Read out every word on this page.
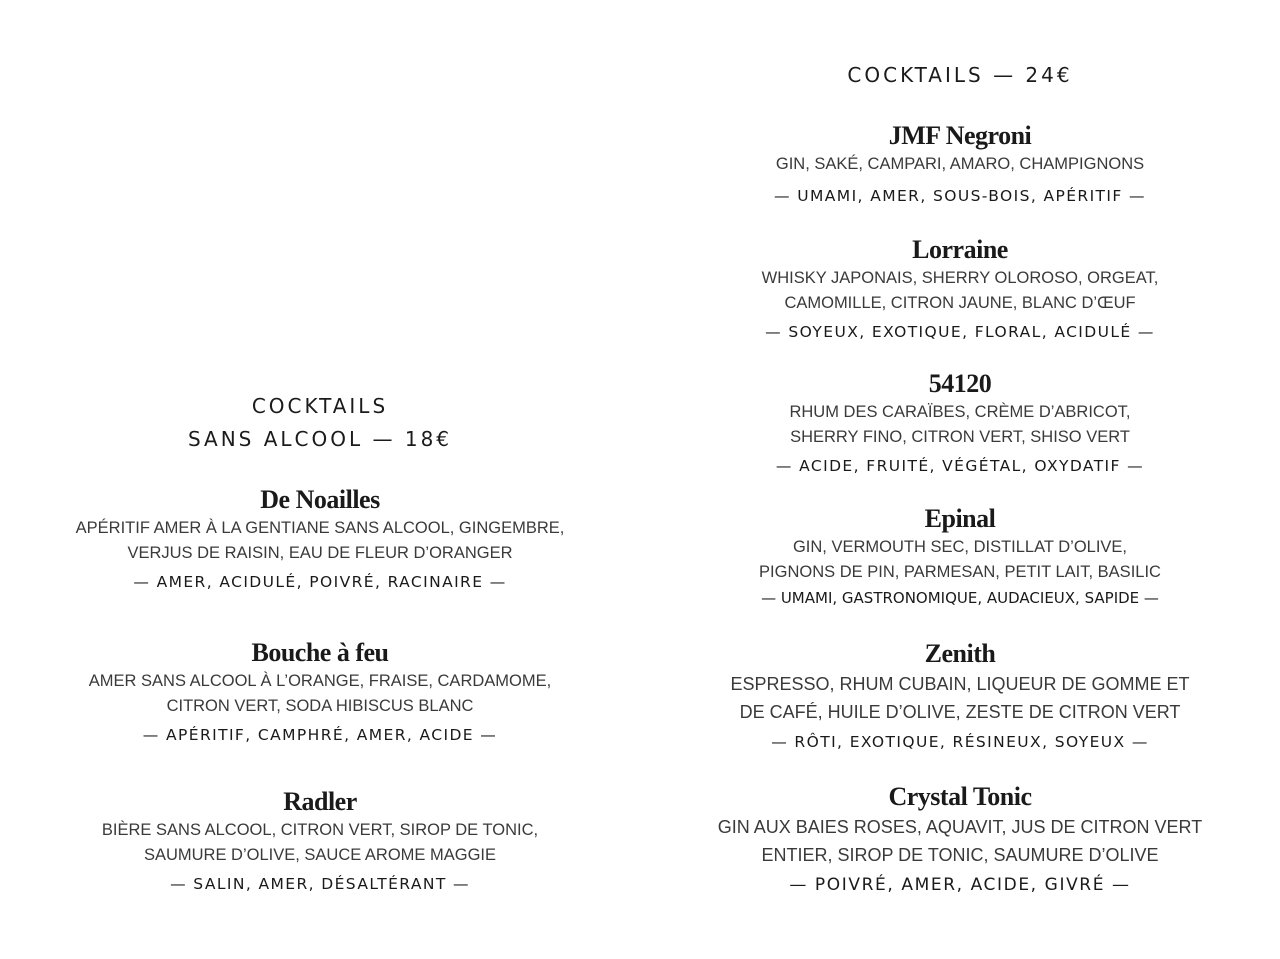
COCKTAILS
SANS ALCOOL — 18€
De Noailles
APÉRITIF AMER À LA GENTIANE SANS ALCOOL, GINGEMBRE,
VERJUS DE RAISIN, EAU DE FLEUR D’ORANGER
— AMER, ACIDULÉ, POIVRÉ, RACINAIRE —
Bouche à feu
AMER SANS ALCOOL À L’ORANGE, FRAISE, CARDAMOME,
CITRON VERT, SODA HIBISCUS BLANC
— APÉRITIF, CAMPHRÉ, AMER, ACIDE —
Radler
BIÈRE SANS ALCOOL, CITRON VERT, SIROP DE TONIC,
SAUMURE D’OLIVE, SAUCE AROME MAGGIE
— SALIN, AMER, DÉSALTÉRANT —
COCKTAILS — 24€
JMF Negroni
GIN, SAKÉ, CAMPARI, AMARO, CHAMPIGNONS
— UMAMI, AMER, SOUS-BOIS, APÉRITIF —
Lorraine
WHISKY JAPONAIS, SHERRY OLOROSO, ORGEAT,
CAMOMILLE, CITRON JAUNE, BLANC D’ŒUF
— SOYEUX, EXOTIQUE, FLORAL, ACIDULÉ —
54120
RHUM DES CARAÏBES, CRÈME D’ABRICOT,
SHERRY FINO, CITRON VERT, SHISO VERT
— ACIDE, FRUITÉ, VÉGÉTAL, OXYDATIF —
Epinal
GIN, VERMOUTH SEC, DISTILLAT D’OLIVE,
PIGNONS DE PIN, PARMESAN, PETIT LAIT, BASILIC
— UMAMI, GASTRONOMIQUE, AUDACIEUX, SAPIDE —
Zenith
ESPRESSO, RHUM CUBAIN, LIQUEUR DE GOMME ET
DE CAFÉ, HUILE D’OLIVE, ZESTE DE CITRON VERT
— RÔTI, EXOTIQUE, RÉSINEUX, SOYEUX —
Crystal Tonic
GIN AUX BAIES ROSES, AQUAVIT, JUS DE CITRON VERT
ENTIER, SIROP DE TONIC, SAUMURE D’OLIVE
— POIVRÉ, AMER, ACIDE, GIVRÉ —
